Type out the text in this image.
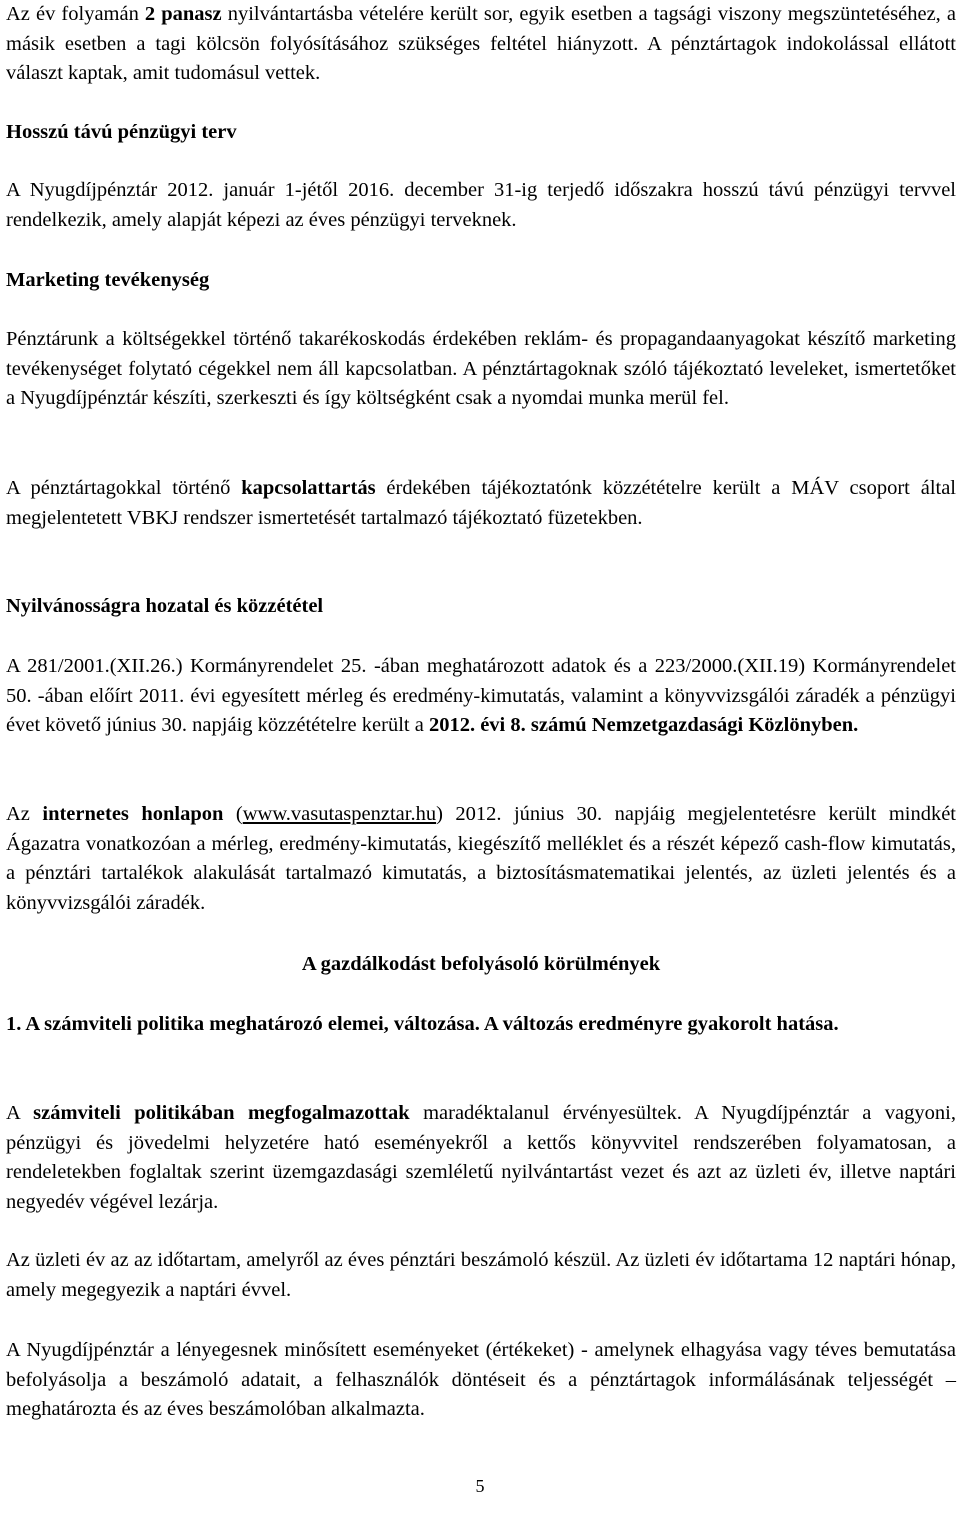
Az év folyamán 2 panasz nyilvántartásba vételére került sor, egyik esetben a tagsági viszony megszüntetéséhez, a másik esetben a tagi kölcsön folyósításához szükséges feltétel hiányzott. A pénztártagok indokolással ellátott választ kaptak, amit tudomásul vettek.

Hosszú távú pénzügyi terv

A Nyugdíjpénztár 2012. január 1-jétől 2016. december 31-ig terjedő időszakra hosszú távú pénzügyi tervvel rendelkezik, amely alapját képezi az éves pénzügyi terveknek.

Marketing tevékenység

Pénztárunk a költségekkel történő takarékoskodás érdekében reklám- és propagandaanyagokat készítő marketing tevékenységet folytató cégekkel nem áll kapcsolatban. A pénztártagoknak szóló tájékoztató leveleket, ismertetőket a Nyugdíjpénztár készíti, szerkeszti és így költségként csak a nyomdai munka merül fel.

A pénztártagokkal történő kapcsolattartás érdekében tájékoztatónk közzétételre került a MÁV csoport által megjelentetett VBKJ rendszer ismertetését tartalmazó tájékoztató füzetekben.

Nyilvánosságra hozatal és közzététel

A 281/2001.(XII.26.) Kormányrendelet 25. -ában meghatározott adatok és a 223/2000.(XII.19) Kormányrendelet 50. -ában előírt 2011. évi egyesített mérleg és eredmény-kimutatás, valamint a könyvvizsgálói záradék a pénzügyi évet követő június 30. napjáig közzétételre került a 2012. évi 8. számú Nemzetgazdasági Közlönyben.

Az internetes honlapon (www.vasutaspenztar.hu) 2012. június 30. napjáig megjelentetésre került mindkét Ágazatra vonatkozóan a mérleg, eredmény-kimutatás, kiegészítő melléklet és a részét képező cash-flow kimutatás, a pénztári tartalékok alakulását tartalmazó kimutatás, a biztosításmatematikai jelentés, az üzleti jelentés és a könyvvizsgálói záradék.

A gazdálkodást befolyásoló körülmények
1. A számviteli politika meghatározó elemei, változása. A változás eredményre gyakorolt hatása.

A számviteli politikában megfogalmazottak maradéktalanul érvényesültek. A Nyugdíjpénztár a vagyoni, pénzügyi és jövedelmi helyzetére ható eseményekről a kettős könyvvitel rendszerében folyamatosan, a rendeletekben foglaltak szerint üzemgazdasági szemléletű nyilvántartást vezet és azt az üzleti év, illetve naptári negyedév végével lezárja.

Az üzleti év az az időtartam, amelyről az éves pénztári beszámoló készül. Az üzleti év időtartama 12 naptári hónap, amely megegyezik a naptári évvel.

A Nyugdíjpénztár a lényegesnek minősített eseményeket (értékeket) - amelynek elhagyása vagy téves bemutatása befolyásolja a beszámoló adatait, a felhasználók döntéseit és a pénztártagok informálásának teljességét – meghatározta és az éves beszámolóban alkalmazta.

5
